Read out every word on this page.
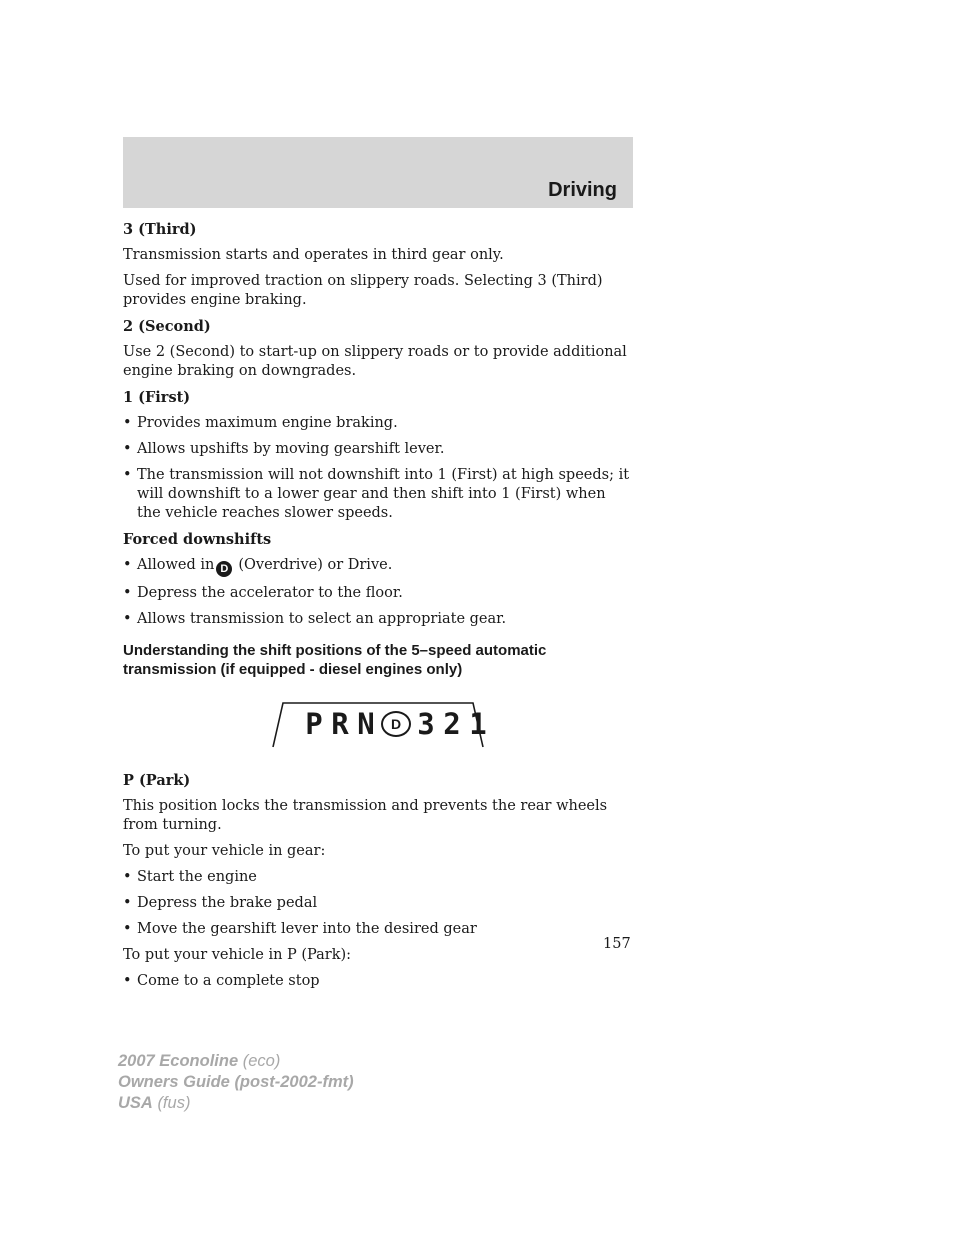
Driving
3 (Third)

Transmission starts and operates in third gear only.

Used for improved traction on slippery roads. Selecting 3 (Third) provides engine braking.

2 (Second)

Use 2 (Second) to start-up on slippery roads or to provide additional engine braking on downgrades.

1 (First)
• Provides maximum engine braking.
• Allows upshifts by moving gearshift lever.
• The transmission will not downshift into 1 (First) at high speeds; it will downshift to a lower gear and then shift into 1 (First) when the vehicle reaches slower speeds.
Forced downshifts
• Allowed in D (Overdrive) or Drive.
• Depress the accelerator to the floor.
• Allows transmission to select an appropriate gear.
Understanding the shift positions of the 5–speed automatic transmission (if equipped - diesel engines only)
P R N	D 3 2 1
P (Park)

This position locks the transmission and prevents the rear wheels from turning.

To put your vehicle in gear:

• Start the engine
• Depress the brake pedal
• Move the gearshift lever into the desired gear

To put your vehicle in P (Park):

• Come to a complete stop
157
2007 Econoline (eco)
Owners Guide (post-2002-fmt)
USA (fus)
